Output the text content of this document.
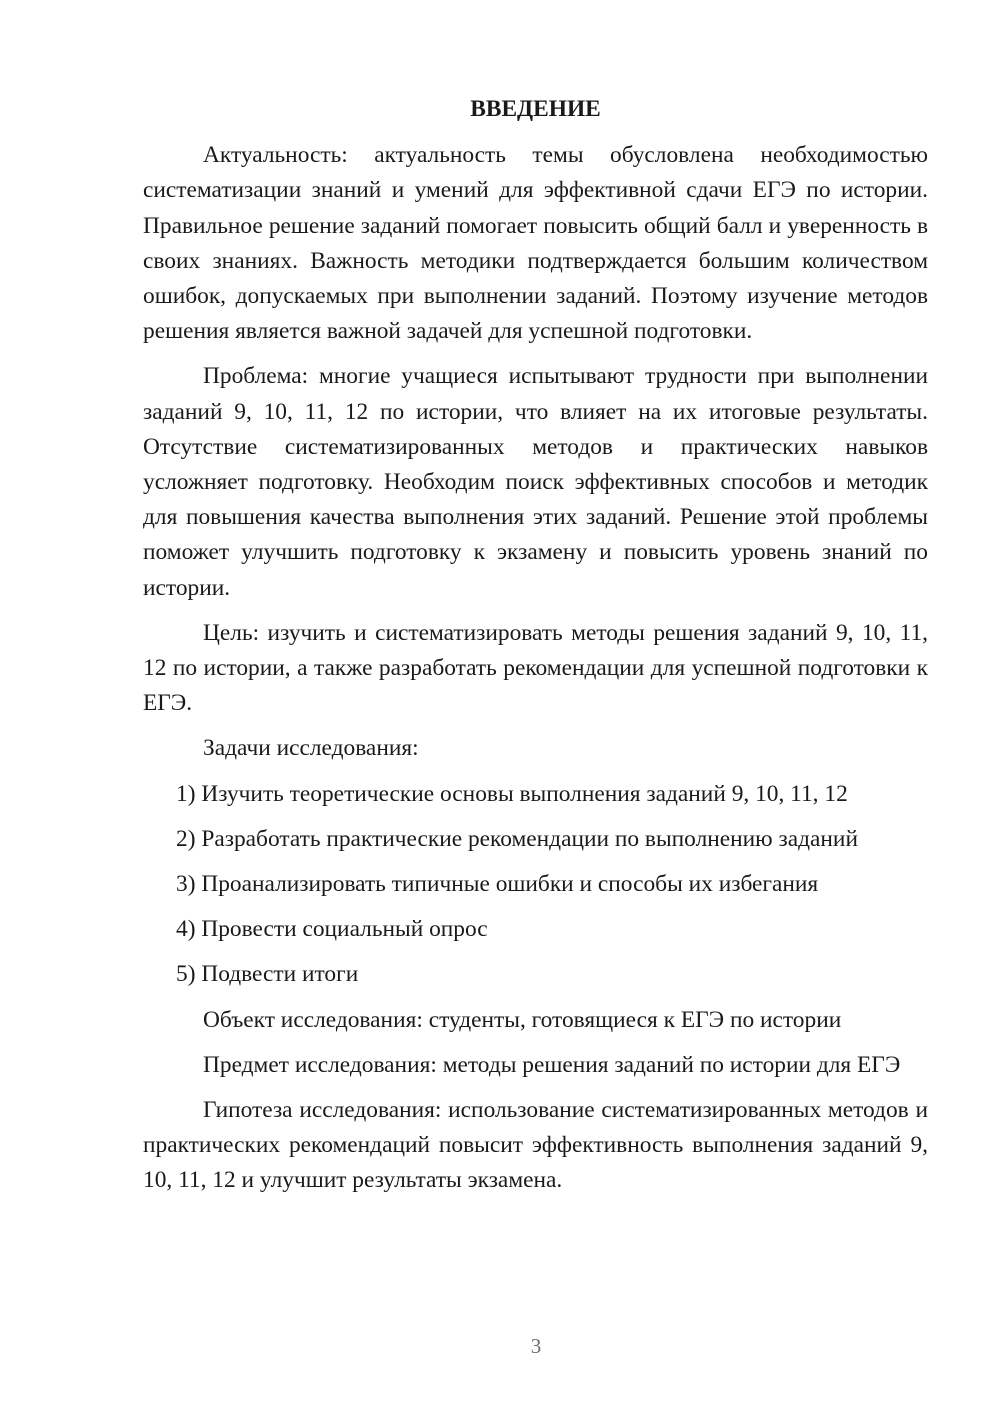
ВВЕДЕНИЕ

Актуальность: актуальность темы обусловлена необходимостью систематизации знаний и умений для эффективной сдачи ЕГЭ по истории. Правильное решение заданий помогает повысить общий балл и уверенность в своих знаниях. Важность методики подтверждается большим количеством ошибок, допускаемых при выполнении заданий. Поэтому изучение методов решения является важной задачей для успешной подготовки.

Проблема: многие учащиеся испытывают трудности при выполнении заданий 9, 10, 11, 12 по истории, что влияет на их итоговые результаты. Отсутствие систематизированных методов и практических навыков усложняет подготовку. Необходим поиск эффективных способов и методик для повышения качества выполнения этих заданий. Решение этой проблемы поможет улучшить подготовку к экзамену и повысить уровень знаний по истории.

Цель: изучить и систематизировать методы решения заданий 9, 10, 11, 12 по истории, а также разработать рекомендации для успешной подготовки к ЕГЭ.

Задачи исследования:

1) Изучить теоретические основы выполнения заданий 9, 10, 11, 12
2) Разработать практические рекомендации по выполнению заданий
3) Проанализировать типичные ошибки и способы их избегания
4) Провести социальный опрос
5) Подвести итоги

Объект исследования: студенты, готовящиеся к ЕГЭ по истории

Предмет исследования: методы решения заданий по истории для ЕГЭ

Гипотеза исследования: использование систематизированных методов и практических рекомендаций повысит эффективность выполнения заданий 9, 10, 11, 12 и улучшит результаты экзамена.

3
